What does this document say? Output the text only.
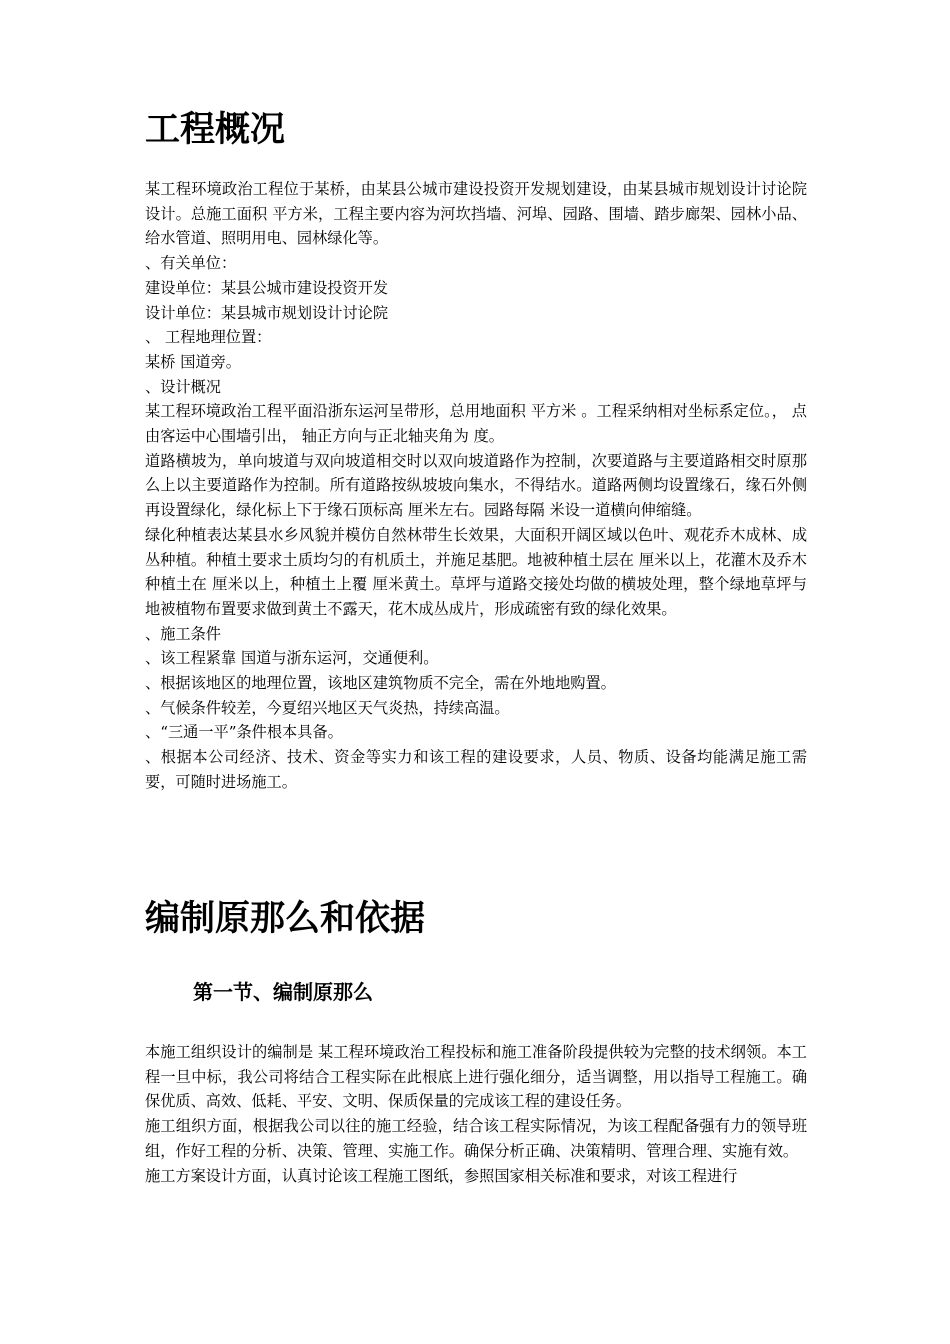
工程概况

某工程环境政治工程位于某桥，由某县公城市建设投资开发规划建设，由某县城市规划设计讨论院设计。总施工面积 平方米，工程主要内容为河坎挡墙、河埠、园路、围墙、踏步廊架、园林小品、给水管道、照明用电、园林绿化等。

、有关单位：

建设单位：某县公城市建设投资开发

设计单位：某县城市规划设计讨论院

、 工程地理位置：

某桥 国道旁。

、设计概况

某工程环境政治工程平面沿浙东运河呈带形，总用地面积 平方米 。工程采纳相对坐标系定位。， 点由客运中心围墙引出， 轴正方向与正北轴夹角为 度。

道路横坡为，单向坡道与双向坡道相交时以双向坡道路作为控制，次要道路与主要道路相交时原那么上以主要道路作为控制。所有道路按纵坡坡向集水，不得结水。道路两侧均设置缘石，缘石外侧再设置绿化，绿化标上下于缘石顶标高 厘米左右。园路每隔 米设一道横向伸缩缝。

绿化种植表达某县水乡风貌并模仿自然林带生长效果，大面积开阔区域以色叶、观花乔木成林、成丛种植。种植土要求土质均匀的有机质土，并施足基肥。地被种植土层在 厘米以上，花灌木及乔木种植土在 厘米以上，种植土上覆 厘米黄土。草坪与道路交接处均做的横坡处理，整个绿地草坪与地被植物布置要求做到黄土不露天，花木成丛成片，形成疏密有致的绿化效果。

、施工条件

、该工程紧靠 国道与浙东运河，交通便利。

、根据该地区的地理位置，该地区建筑物质不完全，需在外地地购置。

、气候条件较差，今夏绍兴地区天气炎热，持续高温。

、“三通一平”条件根本具备。

、根据本公司经济、技术、资金等实力和该工程的建设要求，人员、物质、设备均能满足施工需要，可随时进场施工。

编制原那么和依据
第一节、编制原那么

本施工组织设计的编制是 某工程环境政治工程投标和施工准备阶段提供较为完整的技术纲领。本工程一旦中标，我公司将结合工程实际在此根底上进行强化细分，适当调整，用以指导工程施工。确保优质、高效、低耗、平安、文明、保质保量的完成该工程的建设任务。

施工组织方面，根据我公司以往的施工经验，结合该工程实际情况，为该工程配备强有力的领导班组，作好工程的分析、决策、管理、实施工作。确保分析正确、决策精明、管理合理、实施有效。

施工方案设计方面，认真讨论该工程施工图纸，参照国家相关标准和要求，对该工程进行
